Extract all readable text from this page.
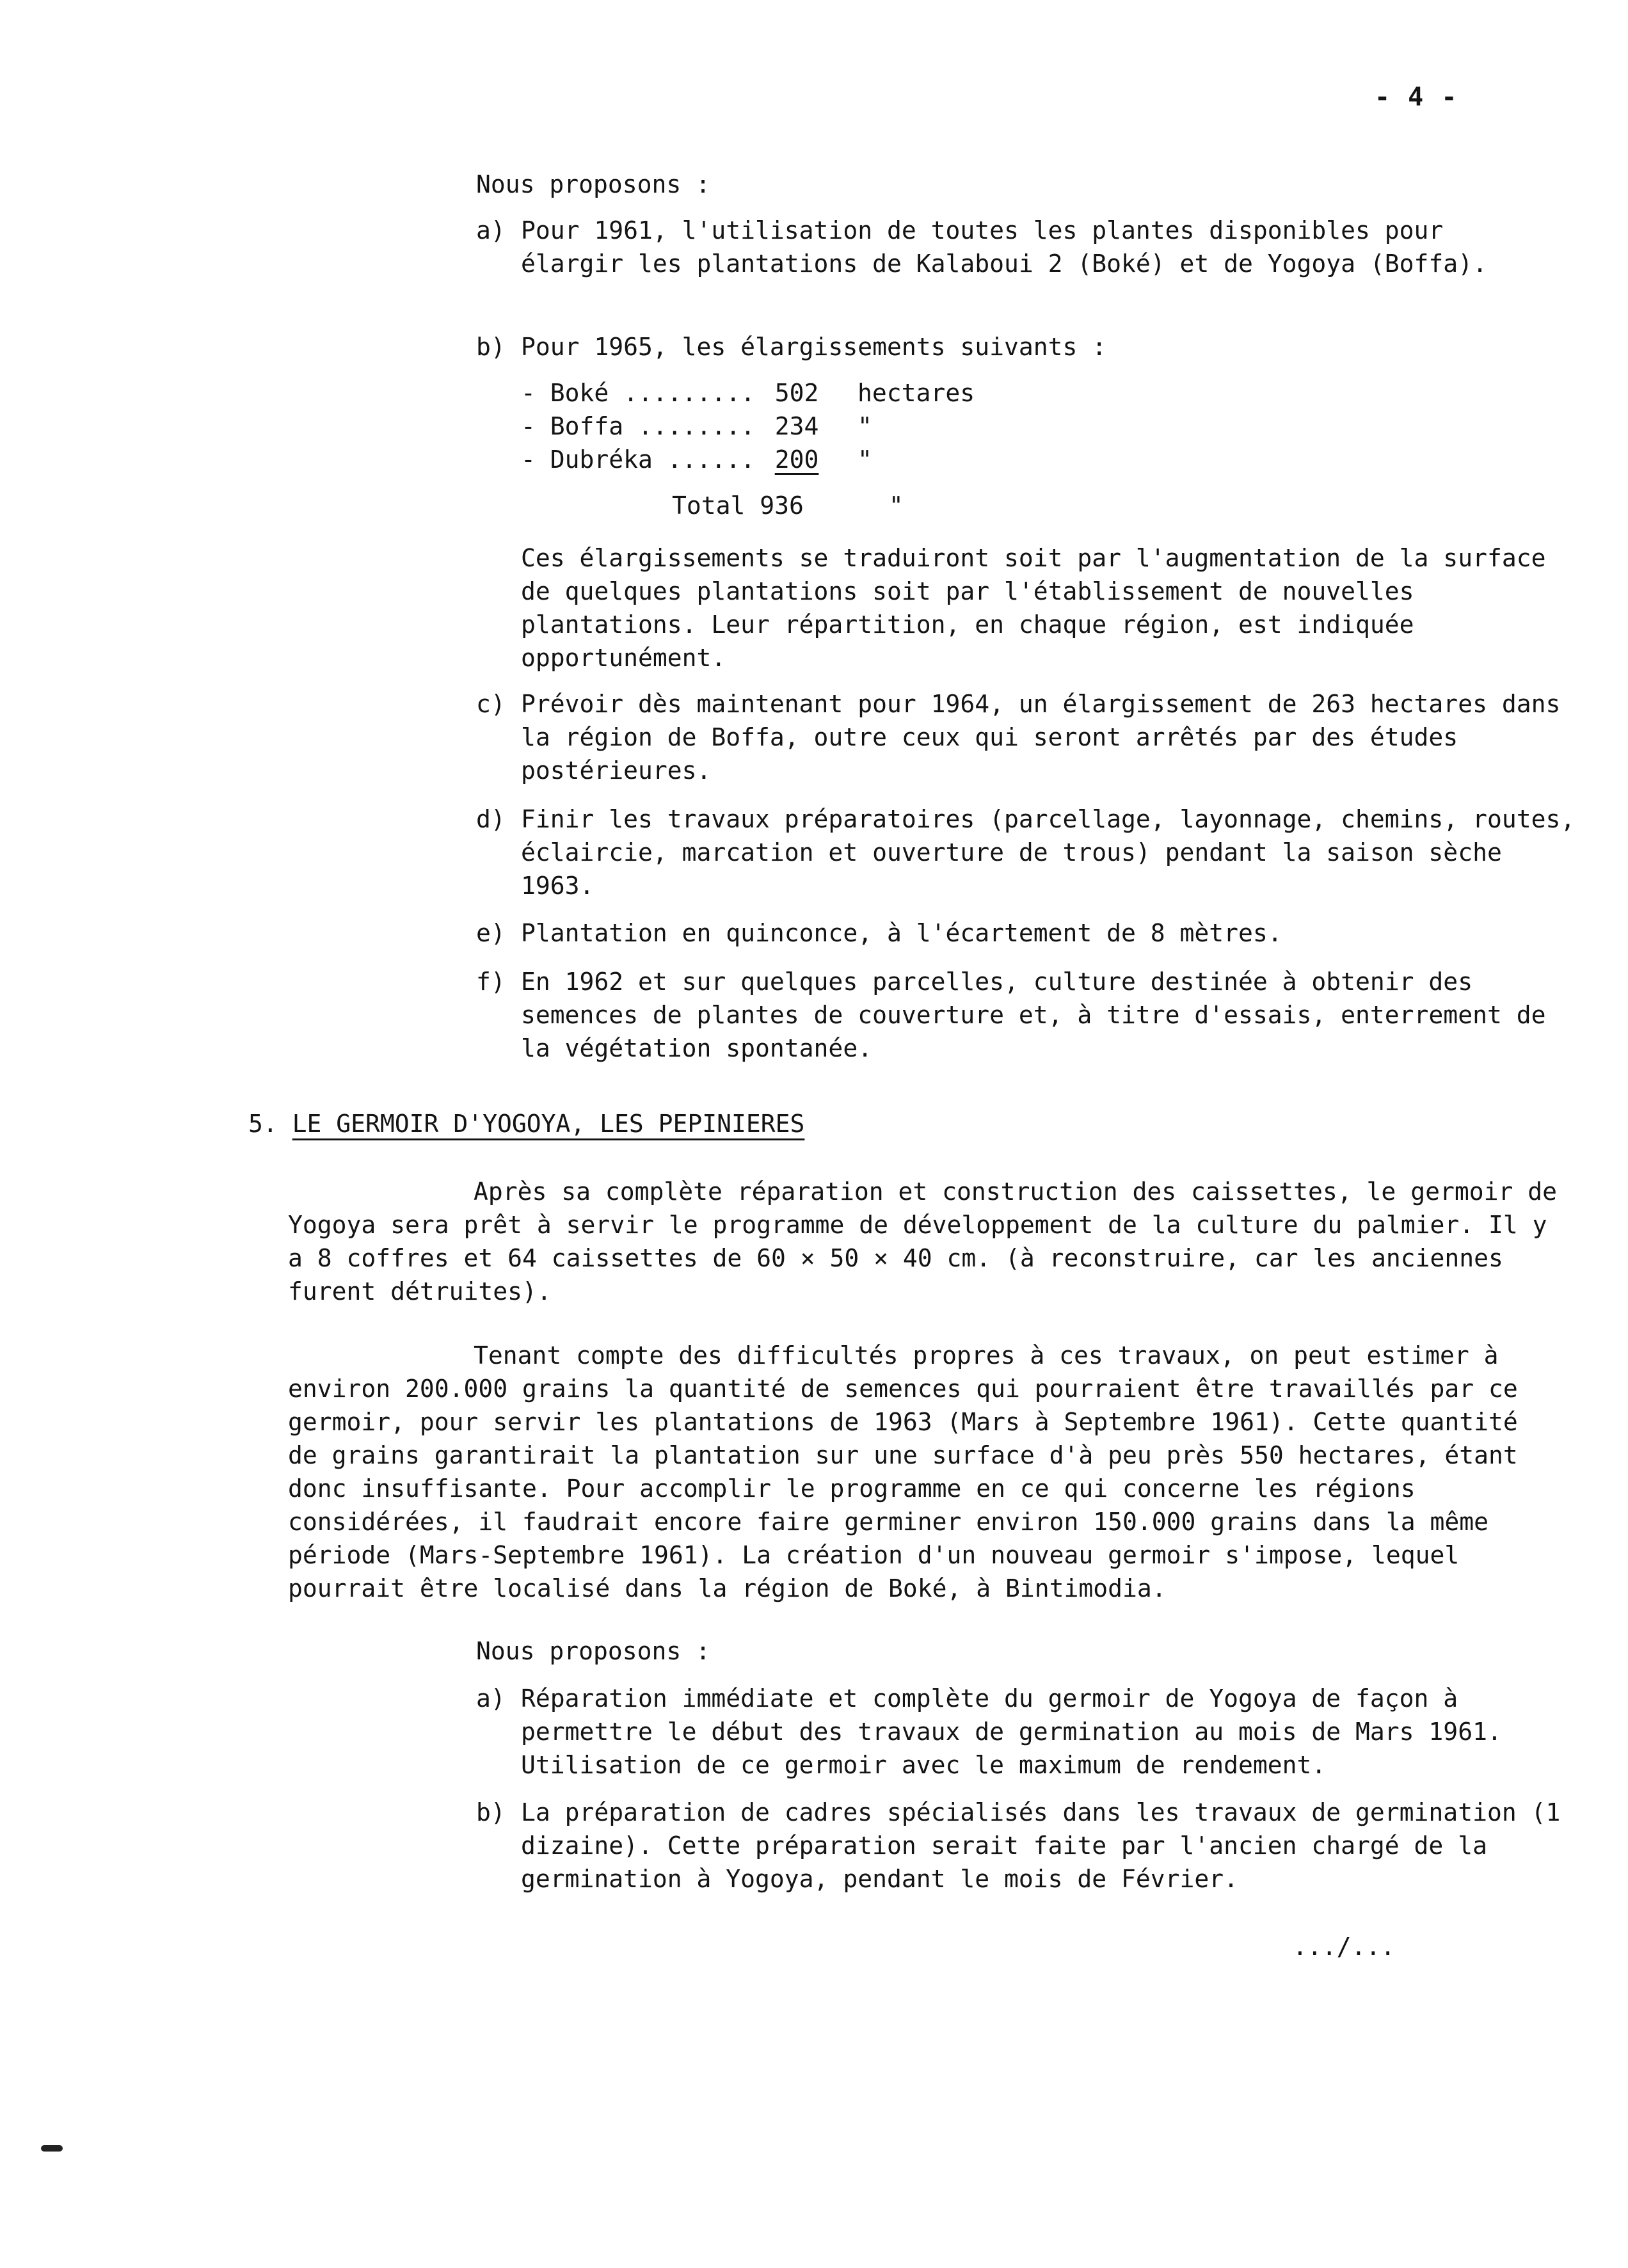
- 4 -
Nous proposons :
a) Pour 1961, l'utilisation de toutes les plantes disponibles pour élargir les plantations de Kalaboui 2 (Boké) et de Yogoya (Boffa).
b) Pour 1965, les élargissements suivants :
- Boké .........	502	hectares
- Boffa ........	234	"
- Dubréka ......	200	"
Total 936	"
Ces élargissements se traduiront soit par l'augmentation de la surface de quelques plantations soit par l'établissement de nouvelles plantations. Leur répartition, en chaque région, est indiquée opportunément.
c) Prévoir dès maintenant pour 1964, un élargissement de 263 hectares dans la région de Boffa, outre ceux qui seront arrêtés par des études postérieures.
d) Finir les travaux préparatoires (parcellage, layonnage, chemins, routes, éclaircie, marcation et ouverture de trous) pendant la saison sèche 1963.
e) Plantation en quinconce, à l'écartement de 8 mètres.
f) En 1962 et sur quelques parcelles, culture destinée à obtenir des semences de plantes de couverture et, à titre d'essais, enterrement de la végétation spontanée.
5. LE GERMOIR D'YOGOYA, LES PEPINIERES
Après sa complète réparation et construction des caissettes, le germoir de Yogoya sera prêt à servir le programme de développement de la culture du palmier. Il y a 8 coffres et 64 caissettes de 60 × 50 × 40 cm. (à reconstruire, car les anciennes furent détruites).
Tenant compte des difficultés propres à ces travaux, on peut estimer à environ 200.000 grains la quantité de semences qui pourraient être travaillés par ce germoir, pour servir les plantations de 1963 (Mars à Septembre 1961). Cette quantité de grains garantirait la plantation sur une surface d'à peu près 550 hectares, étant donc insuffisante. Pour accomplir le programme en ce qui concerne les régions considérées, il faudrait encore faire germiner environ 150.000 grains dans la même période (Mars-Septembre 1961). La création d'un nouveau germoir s'impose, lequel pourrait être localisé dans la région de Boké, à Bintimodia.
Nous proposons :
a) Réparation immédiate et complète du germoir de Yogoya de façon à permettre le début des travaux de germination au mois de Mars 1961. Utilisation de ce germoir avec le maximum de rendement.
b) La préparation de cadres spécialisés dans les travaux de germination (1 dizaine). Cette préparation serait faite par l'ancien chargé de la germination à Yogoya, pendant le mois de Février.
.../...
